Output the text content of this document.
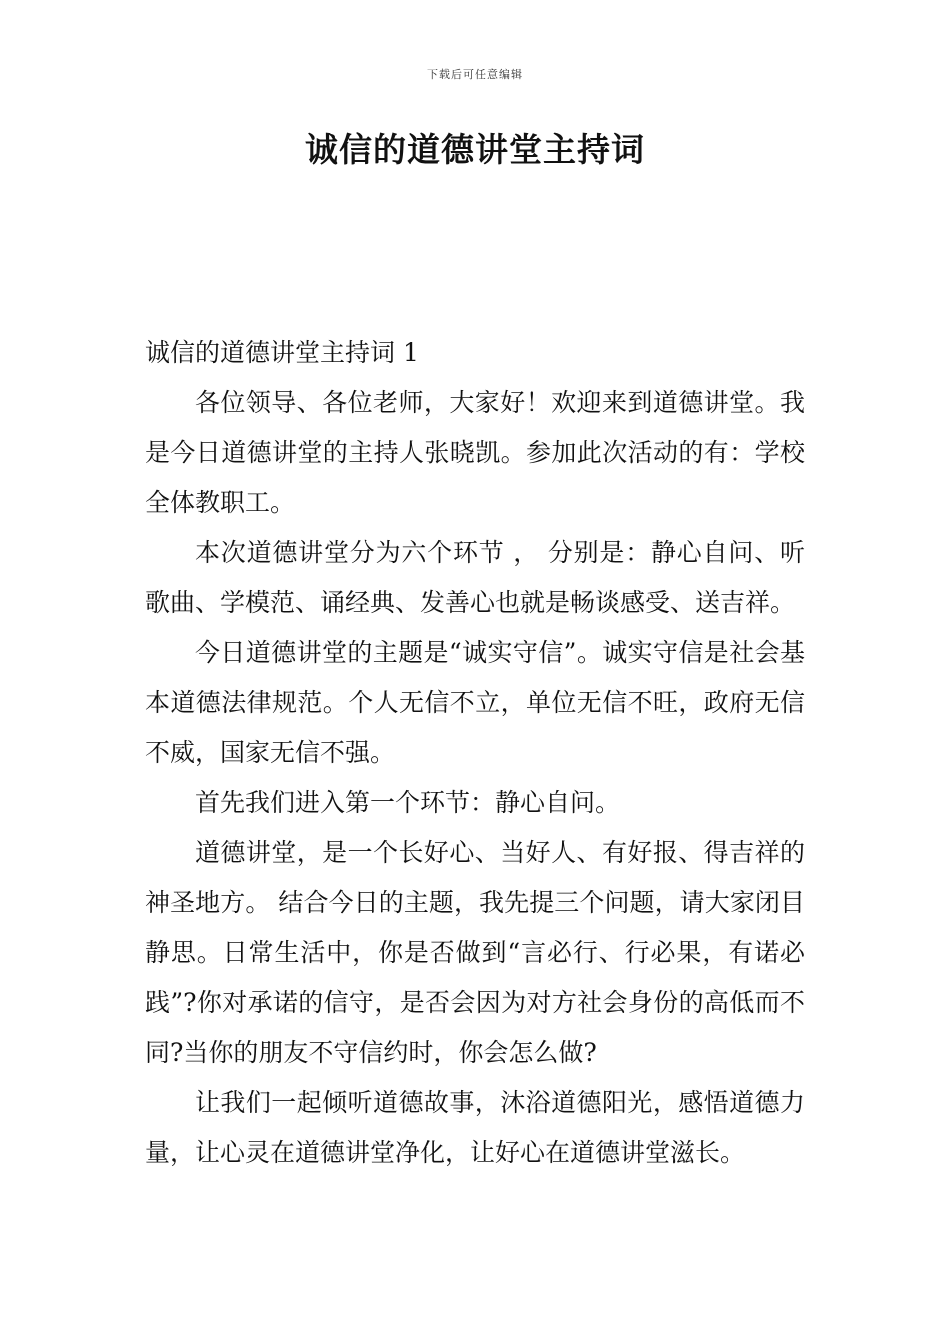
下载后可任意编辑
诚信的道德讲堂主持词

诚信的道德讲堂主持词 1

各位领导、各位老师，大家好！欢迎来到道德讲堂。我是今日道德讲堂的主持人张晓凯。参加此次活动的有：学校全体教职工。

本次道德讲堂分为六个环节 ， 分别是：静心自问、听歌曲、学模范、诵经典、发善心也就是畅谈感受、送吉祥。

今日道德讲堂的主题是“诚实守信”。诚实守信是社会基本道德法律规范。个人无信不立，单位无信不旺，政府无信不威，国家无信不强。

首先我们进入第一个环节：静心自问。

道德讲堂，是一个长好心、当好人、有好报、得吉祥的神圣地方。 结合今日的主题，我先提三个问题，请大家闭目静思。日常生活中，你是否做到“言必行、行必果，有诺必践”?你对承诺的信守，是否会因为对方社会身份的高低而不同?当你的朋友不守信约时，你会怎么做?

让我们一起倾听道德故事，沐浴道德阳光，感悟道德力量，让心灵在道德讲堂净化，让好心在道德讲堂滋长。
